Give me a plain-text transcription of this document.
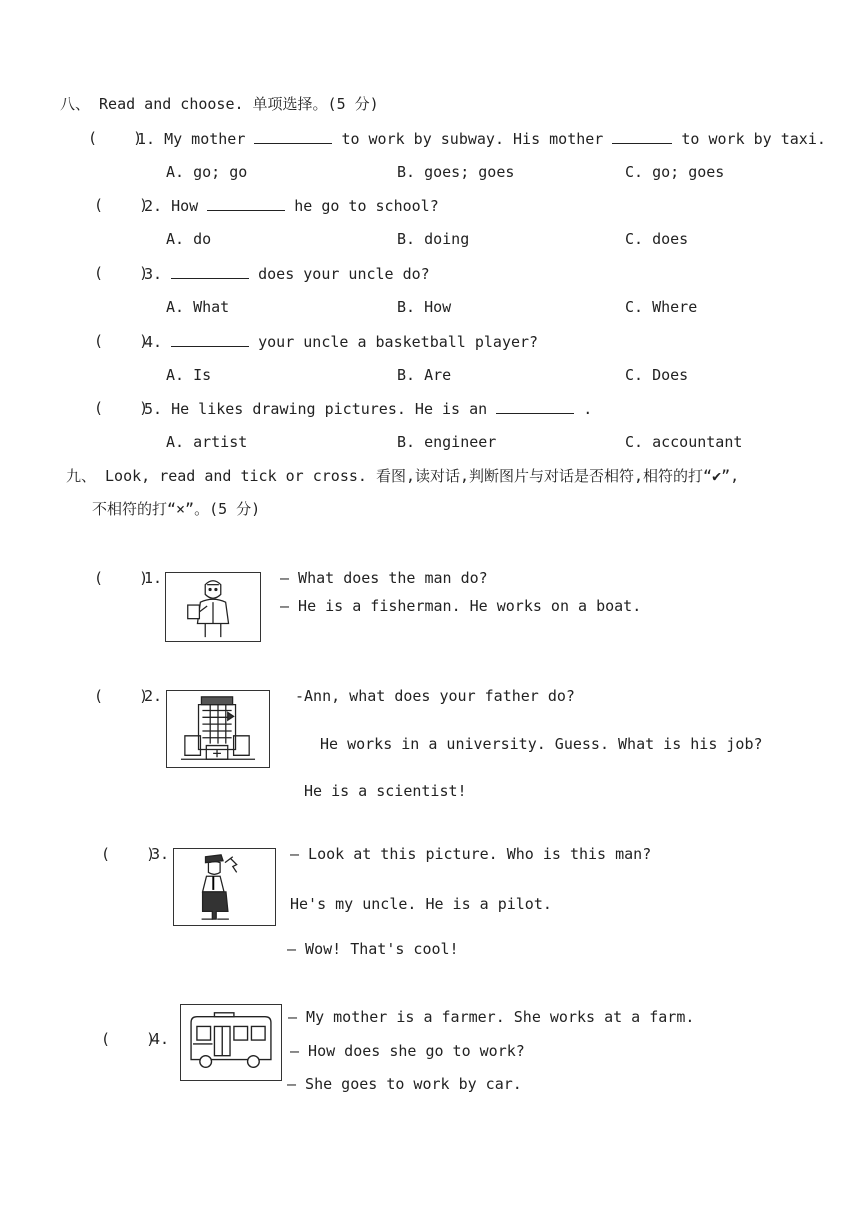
八、 Read and choose. 单项选择。(5 分)
(    )
1. My mother	to work by subway. His mother	to work by taxi.
A. go; go	B. goes; goes	C. go; goes
(    )
2. How	he go to school?
A. do	B. doing	C. does
(    )
3.	does your uncle do?
A. What	B. How	C. Where
(    )
4.	your uncle a basketball player?
A. Is	B. Are	C. Does
(    )
5. He likes drawing pictures. He is an	.
A. artist	B. engineer	C. accountant
九、 Look, read and tick or cross. 看图,读对话,判断图片与对话是否相符,相符的打“✔”,
不相符的打“×”。(5 分)
(    )
1.	— What does the man do?
— He is a fisherman. He works on a boat.
(    )
2.	-Ann, what does your father do?
He works in a university. Guess. What is his job?
He is a scientist!
(    )
3.	— Look at this picture. Who is this man?
He's my uncle. He is a pilot.
— Wow! That's cool!
(    )
4.
— My mother is a farmer. She works at a farm.
— How does she go to work?
— She goes to work by car.
